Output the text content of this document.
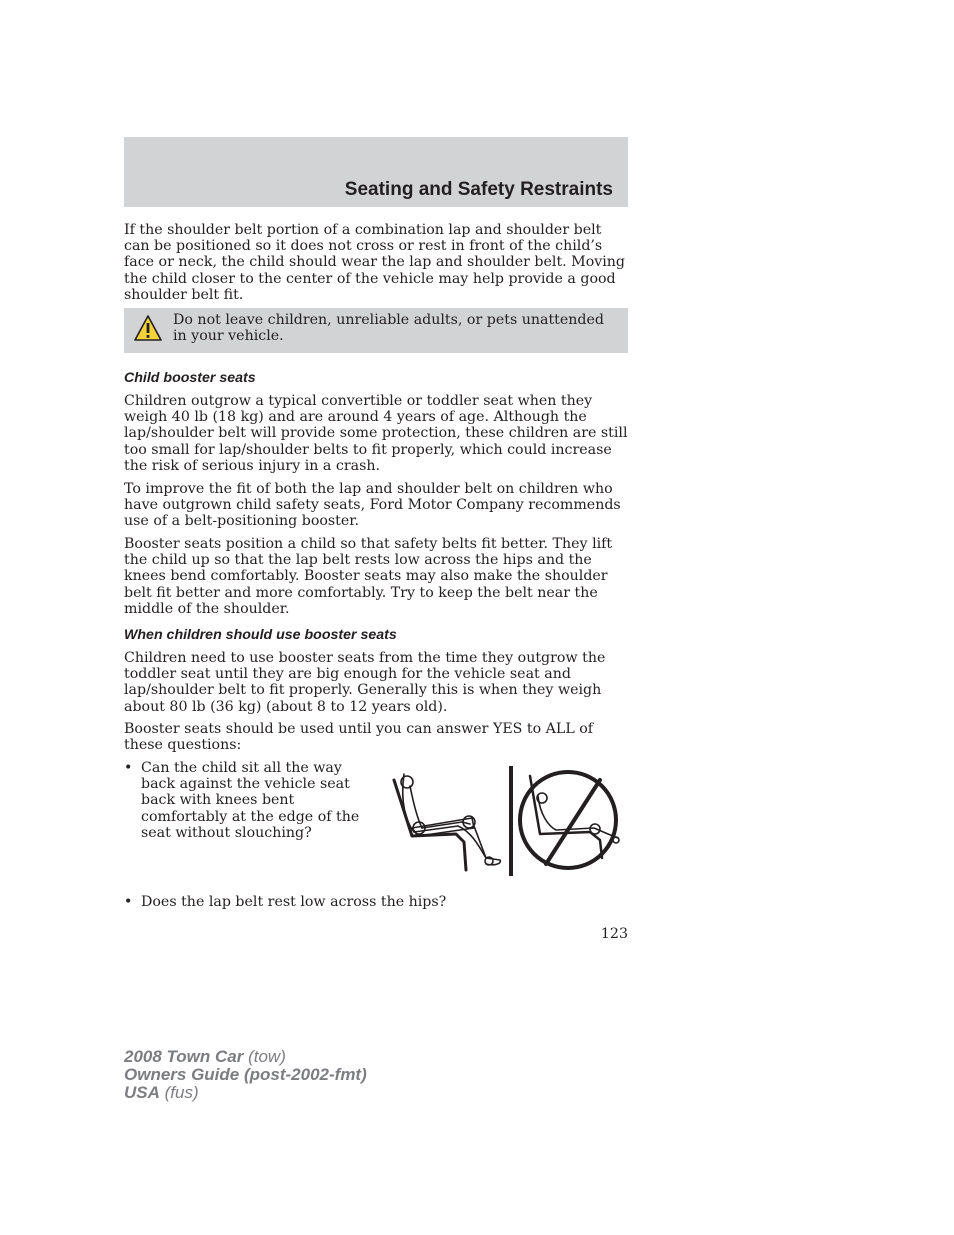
Seating and Safety Restraints

If the shoulder belt portion of a combination lap and shoulder belt can be positioned so it does not cross or rest in front of the child’s face or neck, the child should wear the lap and shoulder belt. Moving the child closer to the center of the vehicle may help provide a good shoulder belt fit.

Do not leave children, unreliable adults, or pets unattended in your vehicle.
Child booster seats

Children outgrow a typical convertible or toddler seat when they weigh 40 lb (18 kg) and are around 4 years of age. Although the lap/shoulder belt will provide some protection, these children are still too small for lap/shoulder belts to fit properly, which could increase the risk of serious injury in a crash.

To improve the fit of both the lap and shoulder belt on children who have outgrown child safety seats, Ford Motor Company recommends use of a belt-positioning booster.

Booster seats position a child so that safety belts fit better. They lift the child up so that the lap belt rests low across the hips and the knees bend comfortably. Booster seats may also make the shoulder belt fit better and more comfortably. Try to keep the belt near the middle of the shoulder.

When children should use booster seats

Children need to use booster seats from the time they outgrow the toddler seat until they are big enough for the vehicle seat and lap/shoulder belt to fit properly. Generally this is when they weigh about 80 lb (36 kg) (about 8 to 12 years old).

Booster seats should be used until you can answer YES to ALL of these questions:

• Can the child sit all the way back against the vehicle seat back with knees bent comfortably at the edge of the seat without slouching?
• Does the lap belt rest low across the hips?
123
2008 Town Car (tow)
Owners Guide (post-2002-fmt)
USA (fus)
